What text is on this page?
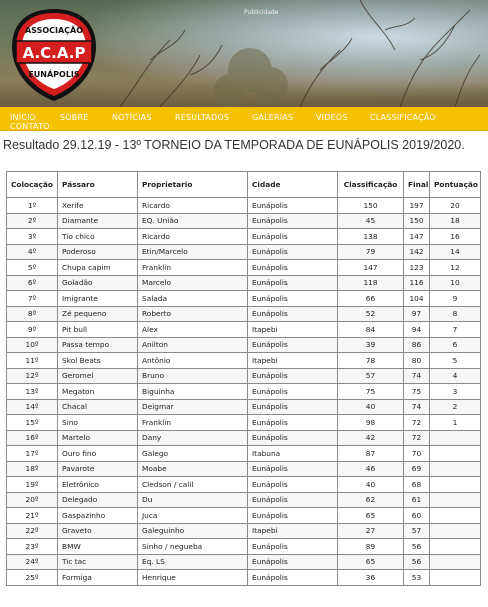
Publicidade
ASSOCIAÇÃO
A.C.A.P
EUNÁPOLIS
INÍCIO	SOBRE	NOTÍCIAS	RESULTADOS	GALERIAS	VÍDEOS	CLASSIFICAÇÃO
CONTATO
Resultado 29.12.19 - 13º TORNEIO DA TEMPORADA DE EUNÁPOLIS 2019/2020.
Colocação	Pássaro	Proprietario	Cidade	Classificação	Final	Pontuação
1º	Xerife	Ricardo	Eunápolis	150	197	20
2º	Diamante	EQ. União	Eunápolis	45	150	18
3º	Tio chico	Ricardo	Eunápolis	138	147	16
4º	Poderoso	Etin/Marcelo	Eunápolis	79	142	14
5º	Chupa capim	Franklin	Eunápolis	147	123	12
6º	Goladão	Marcelo	Eunápolis	118	116	10
7º	Imigrante	Salada	Eunápolis	66	104	9
8º	Zé pequeno	Roberto	Eunápolis	52	97	8
9º	Pit bull	Alex	Itapebi	84	94	7
10º	Passa tempo	Anilton	Eunápolis	39	86	6
11º	Skol Beats	Antônio	Itapebi	78	80	5
12º	Geromel	Bruno	Eunápolis	57	74	4
13º	Megaton	Biguinha	Eunápolis	75	75	3
14º	Chacal	Deigmar	Eunápolis	40	74	2
15º	Sino	Franklin	Eunápolis	98	72	1
16º	Martelo	Dany	Eunápolis	42	72	
17º	Ouro fino	Galego	Itabuna	87	70	
18º	Pavarote	Moabe	Eunápolis	46	69	
19º	Eletrônico	Cledson / calil	Eunápolis	40	68	
20º	Delegado	Du	Eunápolis	62	61	
21º	Gaspazinho	Juca	Eunápolis	65	60	
22º	Graveto	Galeguinho	Itapebi	27	57	
23º	BMW	Sinho / negueba	Eunápolis	89	56	
24º	Tic tac	Eq. LS	Eunápolis	65	56	
25º	Formiga	Henrique	Eunápolis	36	53	
